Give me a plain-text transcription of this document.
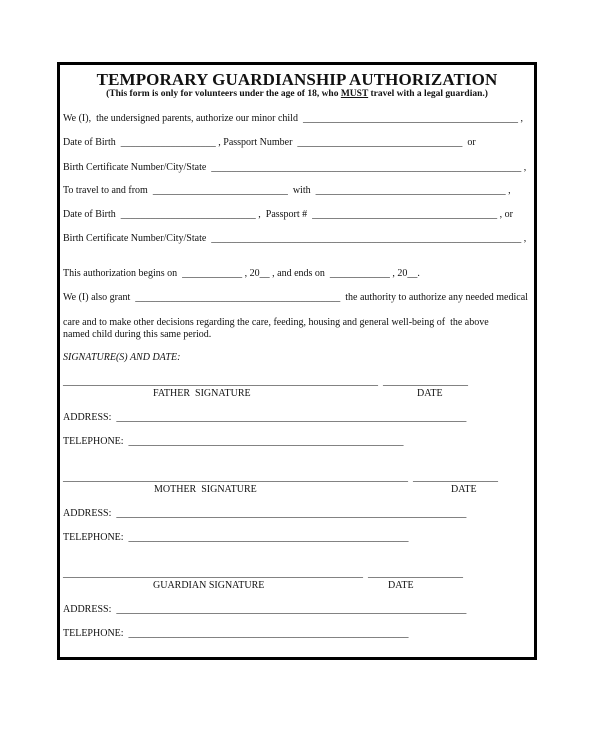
TEMPORARY GUARDIANSHIP AUTHORIZATION
(This form is only for volunteers under the age of 18, who MUST travel with a legal guardian.)
We (I),  the undersigned parents, authorize our minor child  ___________________________________________ ,
Date of Birth  ___________________ , Passport Number  _________________________________  or
Birth Certificate Number/City/State  ______________________________________________________________ ,
To travel to and from  ___________________________  with  ______________________________________ ,
Date of Birth  ___________________________ ,  Passport #  _____________________________________ , or
Birth Certificate Number/City/State  ______________________________________________________________ ,
This authorization begins on  ____________ , 20__ , and ends on  ____________ , 20__.
We (I) also grant  _________________________________________  the authority to authorize any needed medical
care and to make other decisions regarding the care, feeding, housing and general well-being of  the above
named child during this same period.
SIGNATURE(S) AND DATE:
_______________________________________________________________  _________________
FATHER  SIGNATURE	DATE
ADDRESS:  ______________________________________________________________________
TELEPHONE:  _______________________________________________________
_____________________________________________________________________  _________________
MOTHER  SIGNATURE	DATE
ADDRESS:  ______________________________________________________________________
TELEPHONE:  ________________________________________________________
____________________________________________________________  ___________________
GUARDIAN SIGNATURE	DATE
ADDRESS:  ______________________________________________________________________
TELEPHONE:  ________________________________________________________
